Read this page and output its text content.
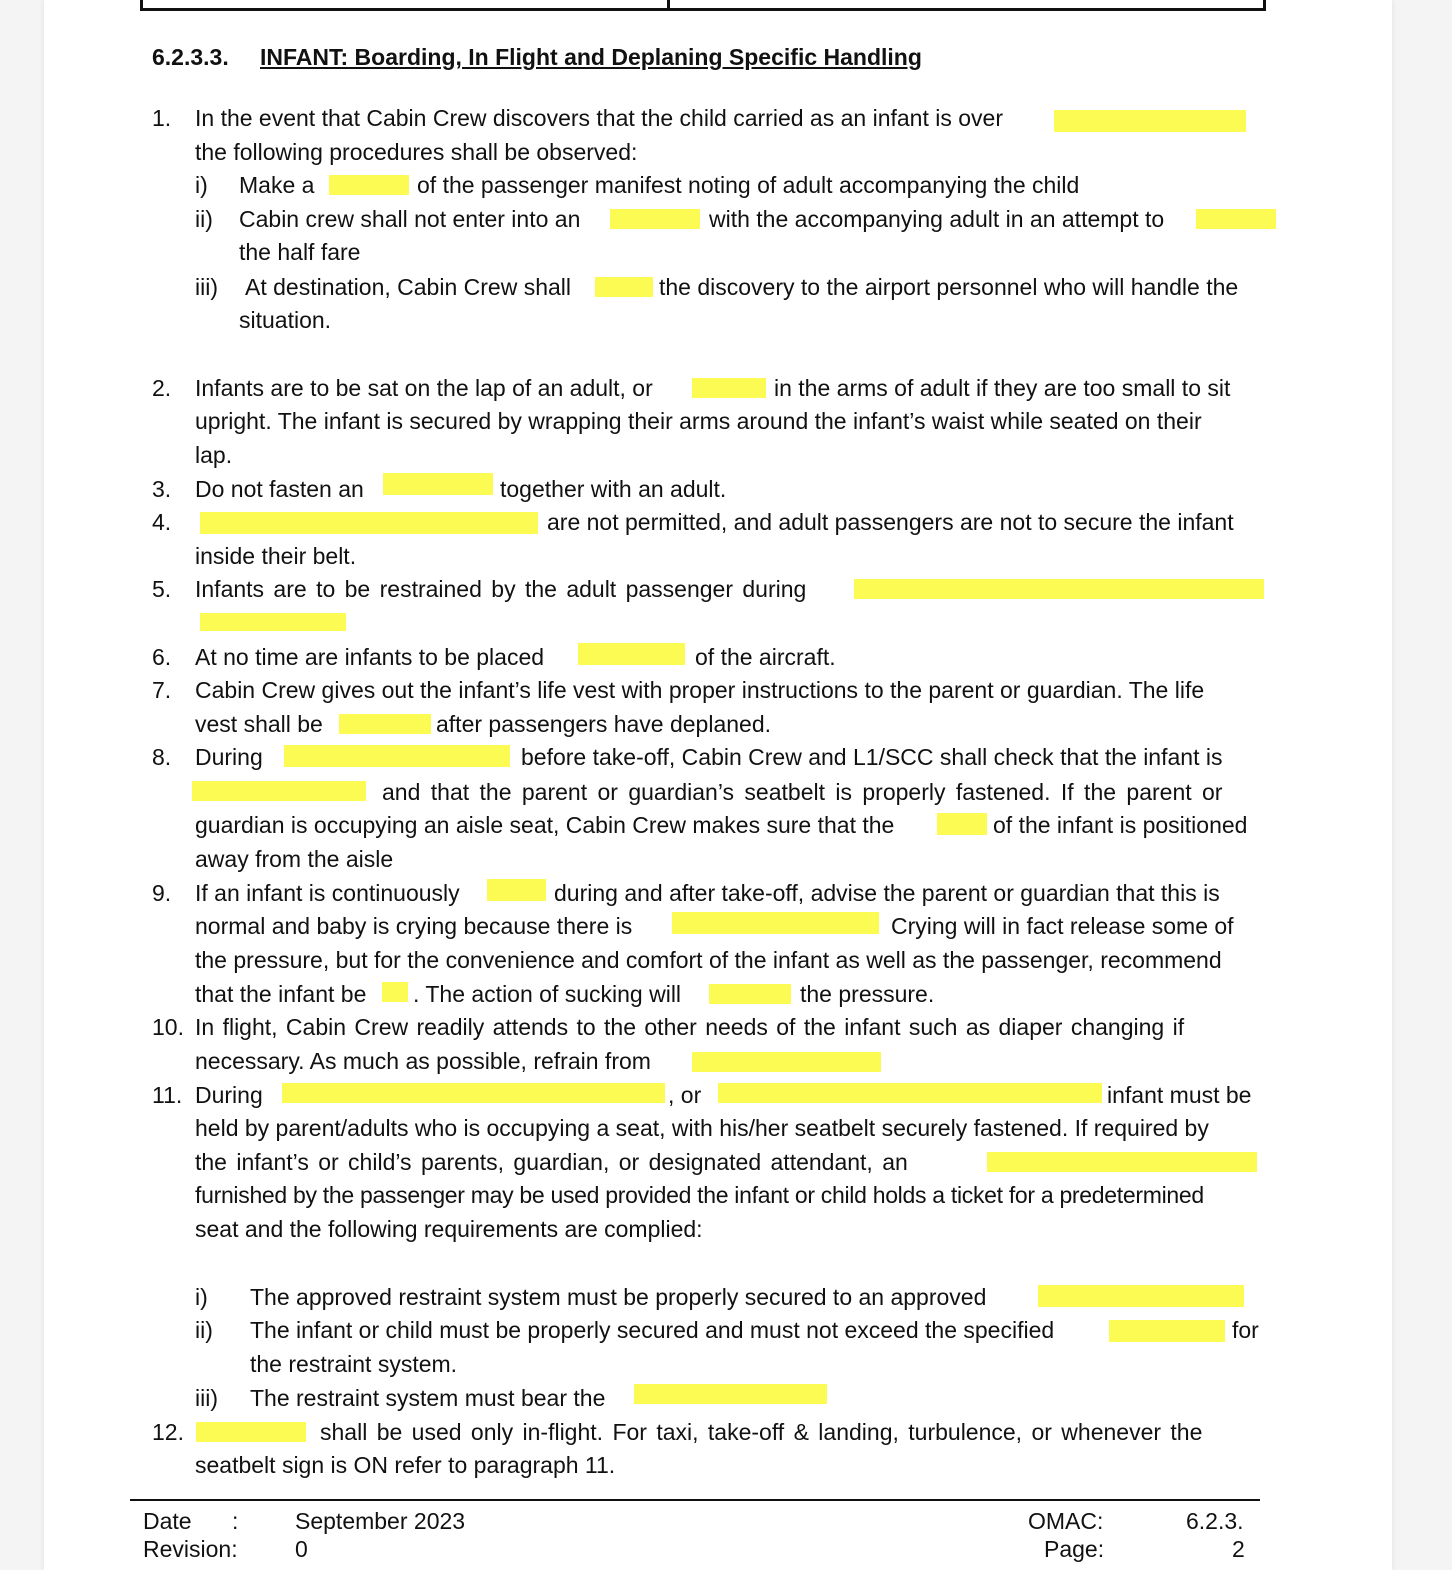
6.2.3.3. INFANT: Boarding, In Flight and Deplaning Specific Handling
1. In the event that Cabin Crew discovers that the child carried as an infant is over
the following procedures shall be observed:
i) Make a	of the passenger manifest noting of adult accompanying the child
ii) Cabin crew shall not enter into an	with the accompanying adult in an attempt to
the half fare
iii) At destination, Cabin Crew shall	the discovery to the airport personnel who will handle the
situation.
2. Infants are to be sat on the lap of an adult, or	in the arms of adult if they are too small to sit
upright. The infant is secured by wrapping their arms around the infant’s waist while seated on their
lap.
3. Do not fasten an	together with an adult.
4.	are not permitted, and adult passengers are not to secure the infant
inside their belt.
5. Infants are to be restrained by the adult passenger during
6. At no time are infants to be placed	of the aircraft.
7. Cabin Crew gives out the infant’s life vest with proper instructions to the parent or guardian. The life
vest shall be	after passengers have deplaned.
8. During	before take-off, Cabin Crew and L1/SCC shall check that the infant is
and that the parent or guardian’s seatbelt is properly fastened. If the parent or
guardian is occupying an aisle seat, Cabin Crew makes sure that the	of the infant is positioned
away from the aisle
9. If an infant is continuously	during and after take-off, advise the parent or guardian that this is
normal and baby is crying because there is	Crying will in fact release some of
the pressure, but for the convenience and comfort of the infant as well as the passenger, recommend
that the infant be . The action of sucking will	the pressure.
10. In flight, Cabin Crew readily attends to the other needs of the infant such as diaper changing if
necessary. As much as possible, refrain from
11. During	, or	infant must be
held by parent/adults who is occupying a seat, with his/her seatbelt securely fastened. If required by
the infant’s or child’s parents, guardian, or designated attendant, an
furnished by the passenger may be used provided the infant or child holds a ticket for a predetermined
seat and the following requirements are complied:
i) The approved restraint system must be properly secured to an approved
ii) The infant or child must be properly secured and must not exceed the specified	for
the restraint system.
iii) The restraint system must bear the
12.	shall be used only in-flight. For taxi, take-off & landing, turbulence, or whenever the
seatbelt sign is ON refer to paragraph 11.
Date : September 2023
Revision: 0
OMAC:	6.2.3.
Page:	2
